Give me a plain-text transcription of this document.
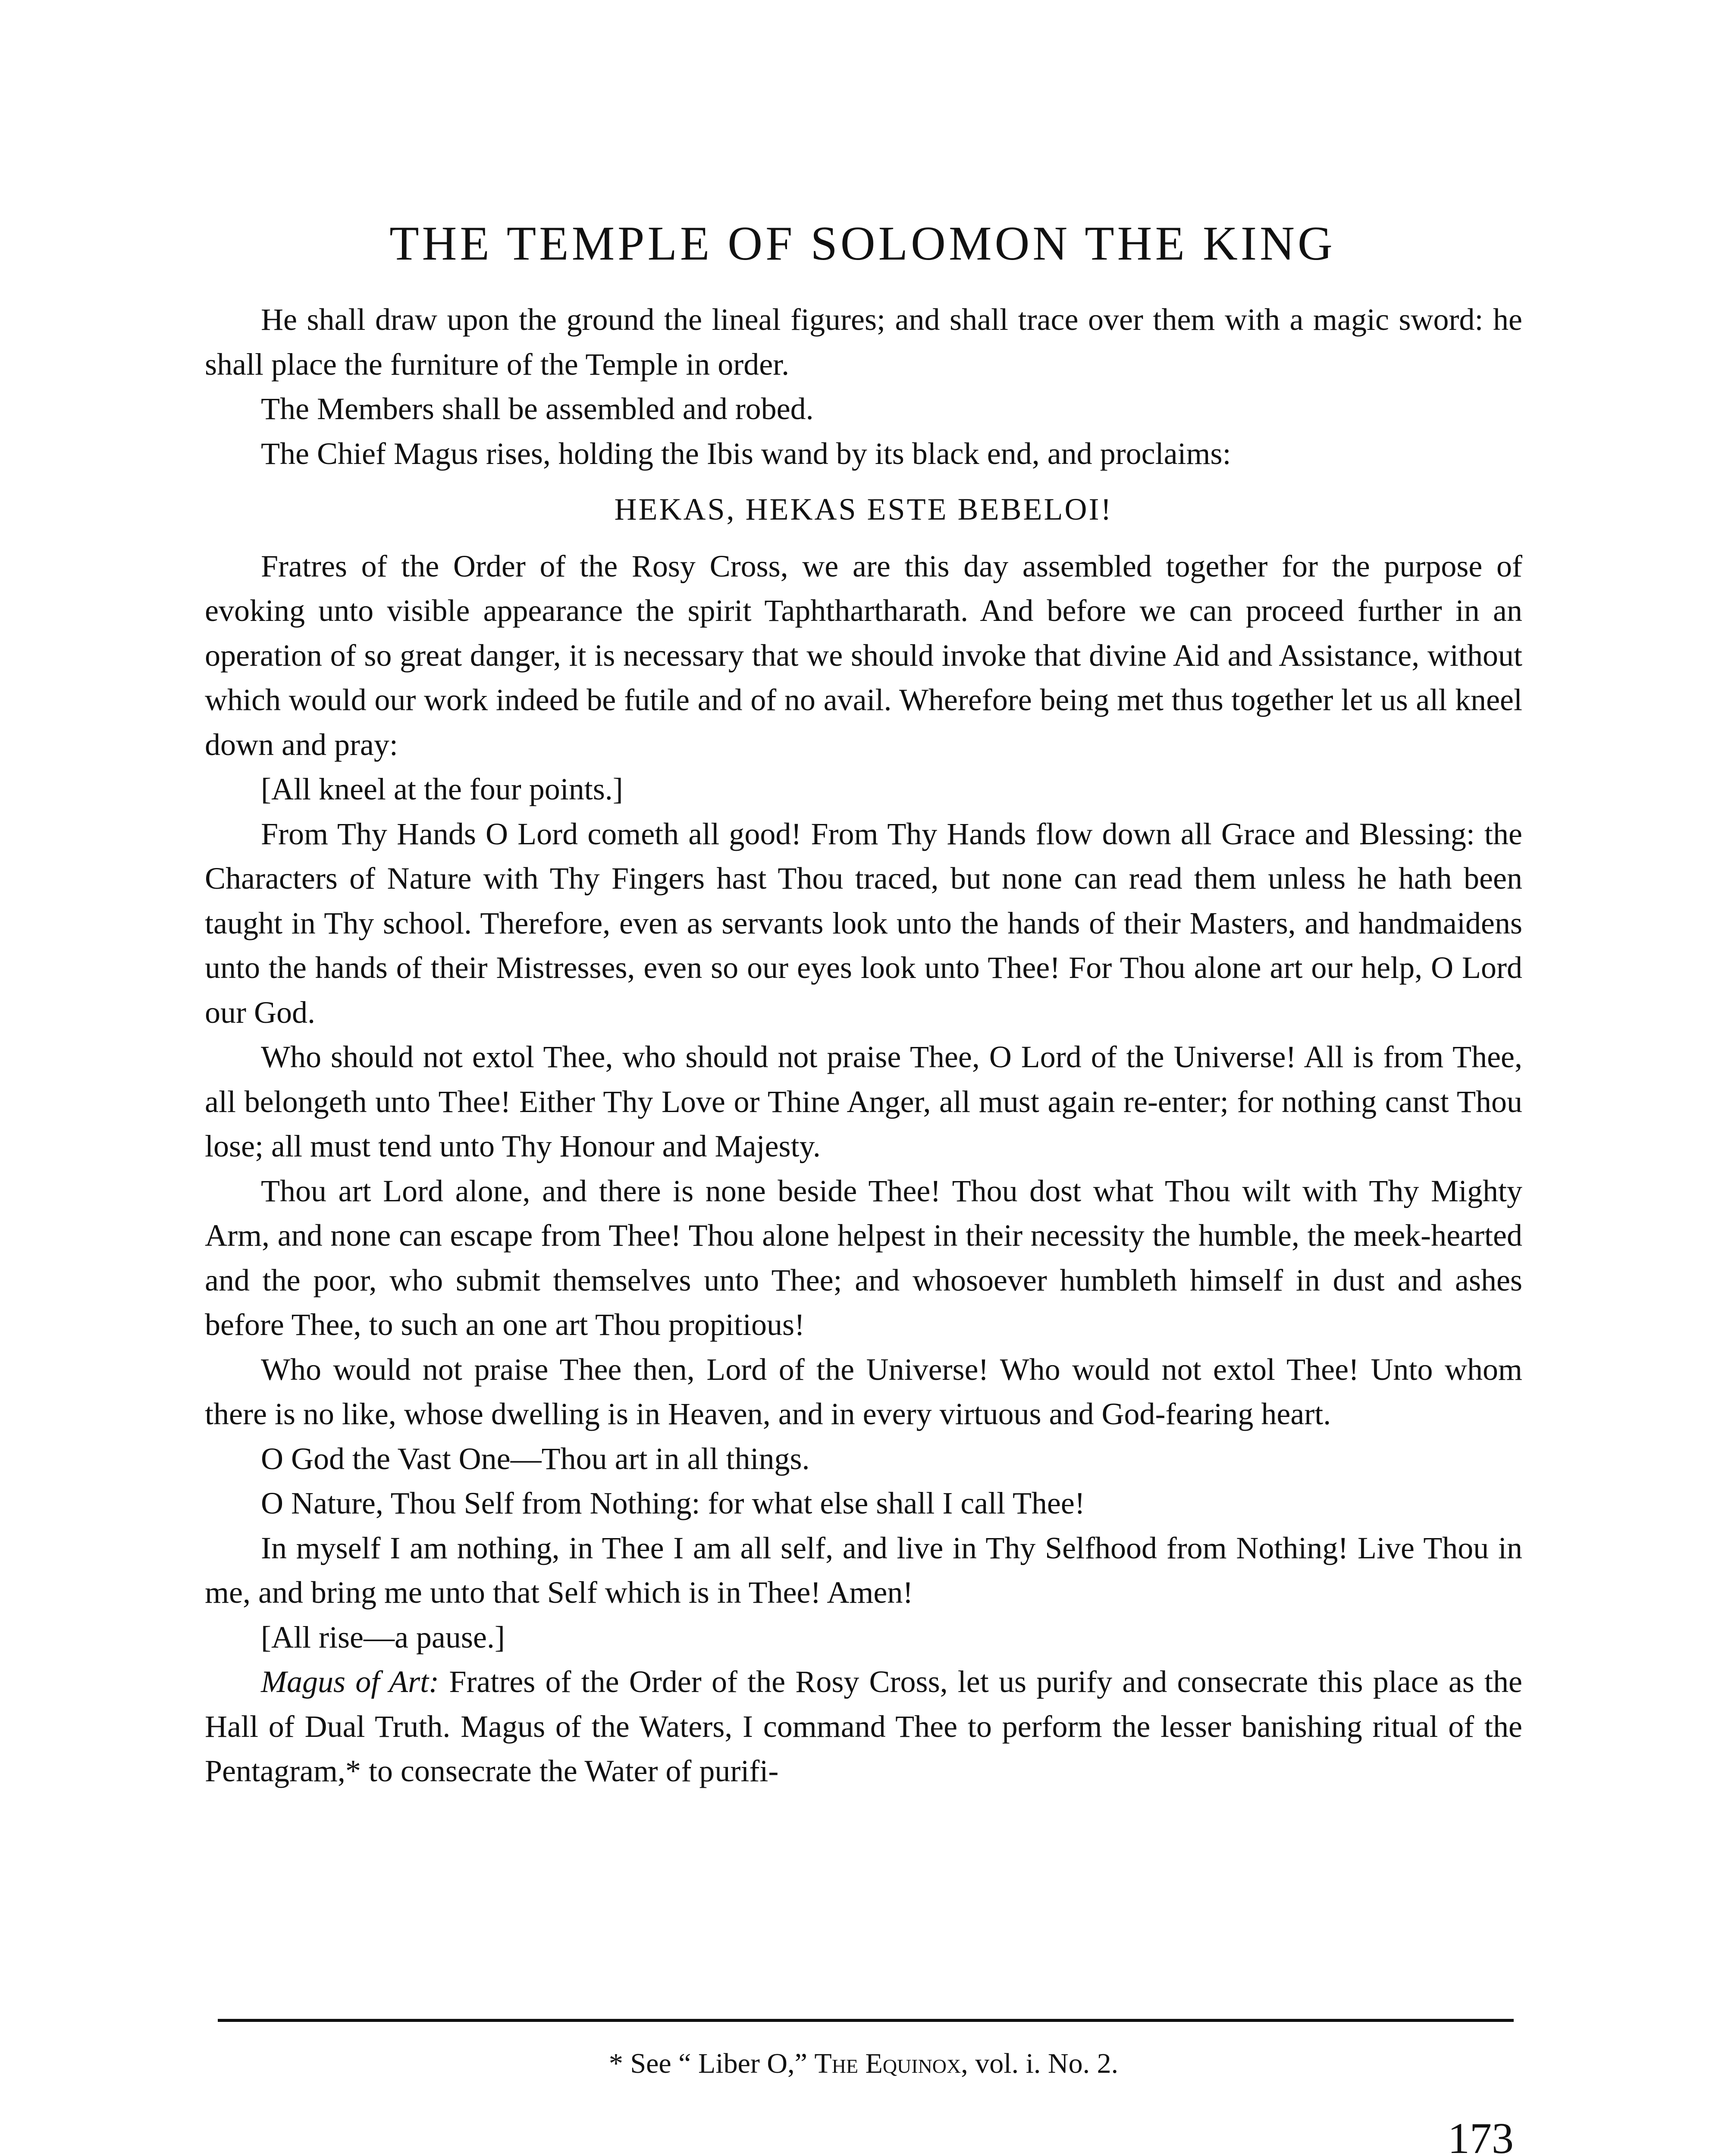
THE TEMPLE OF SOLOMON THE KING

He shall draw upon the ground the lineal figures; and shall trace over them with a magic sword: he shall place the furniture of the Temple in order.

The Members shall be assembled and robed.

The Chief Magus rises, holding the Ibis wand by its black end, and proclaims:

HEKAS, HEKAS ESTE BEBELOI!

Fratres of the Order of the Rosy Cross, we are this day assembled together for the purpose of evoking unto visible appearance the spirit Taphthartharath. And before we can proceed further in an operation of so great danger, it is necessary that we should invoke that divine Aid and Assistance, without which would our work indeed be futile and of no avail. Wherefore being met thus together let us all kneel down and pray:

[All kneel at the four points.]

From Thy Hands O Lord cometh all good! From Thy Hands flow down all Grace and Blessing: the Characters of Nature with Thy Fingers hast Thou traced, but none can read them unless he hath been taught in Thy school. Therefore, even as servants look unto the hands of their Masters, and handmaidens unto the hands of their Mistresses, even so our eyes look unto Thee! For Thou alone art our help, O Lord our God.

Who should not extol Thee, who should not praise Thee, O Lord of the Universe! All is from Thee, all belongeth unto Thee! Either Thy Love or Thine Anger, all must again re-enter; for nothing canst Thou lose; all must tend unto Thy Honour and Majesty.

Thou art Lord alone, and there is none beside Thee! Thou dost what Thou wilt with Thy Mighty Arm, and none can escape from Thee! Thou alone helpest in their necessity the humble, the meek-hearted and the poor, who submit themselves unto Thee; and whosoever humbleth himself in dust and ashes before Thee, to such an one art Thou propitious!

Who would not praise Thee then, Lord of the Universe! Who would not extol Thee! Unto whom there is no like, whose dwelling is in Heaven, and in every virtuous and God-fearing heart.

O God the Vast One—Thou art in all things.

O Nature, Thou Self from Nothing: for what else shall I call Thee!

In myself I am nothing, in Thee I am all self, and live in Thy Selfhood from Nothing! Live Thou in me, and bring me unto that Self which is in Thee! Amen!

[All rise—a pause.]

Magus of Art: Fratres of the Order of the Rosy Cross, let us purify and consecrate this place as the Hall of Dual Truth. Magus of the Waters, I command Thee to perform the lesser banishing ritual of the Pentagram,* to consecrate the Water of purifi-

* See “ Liber O,” The Equinox, vol. i. No. 2.
173
